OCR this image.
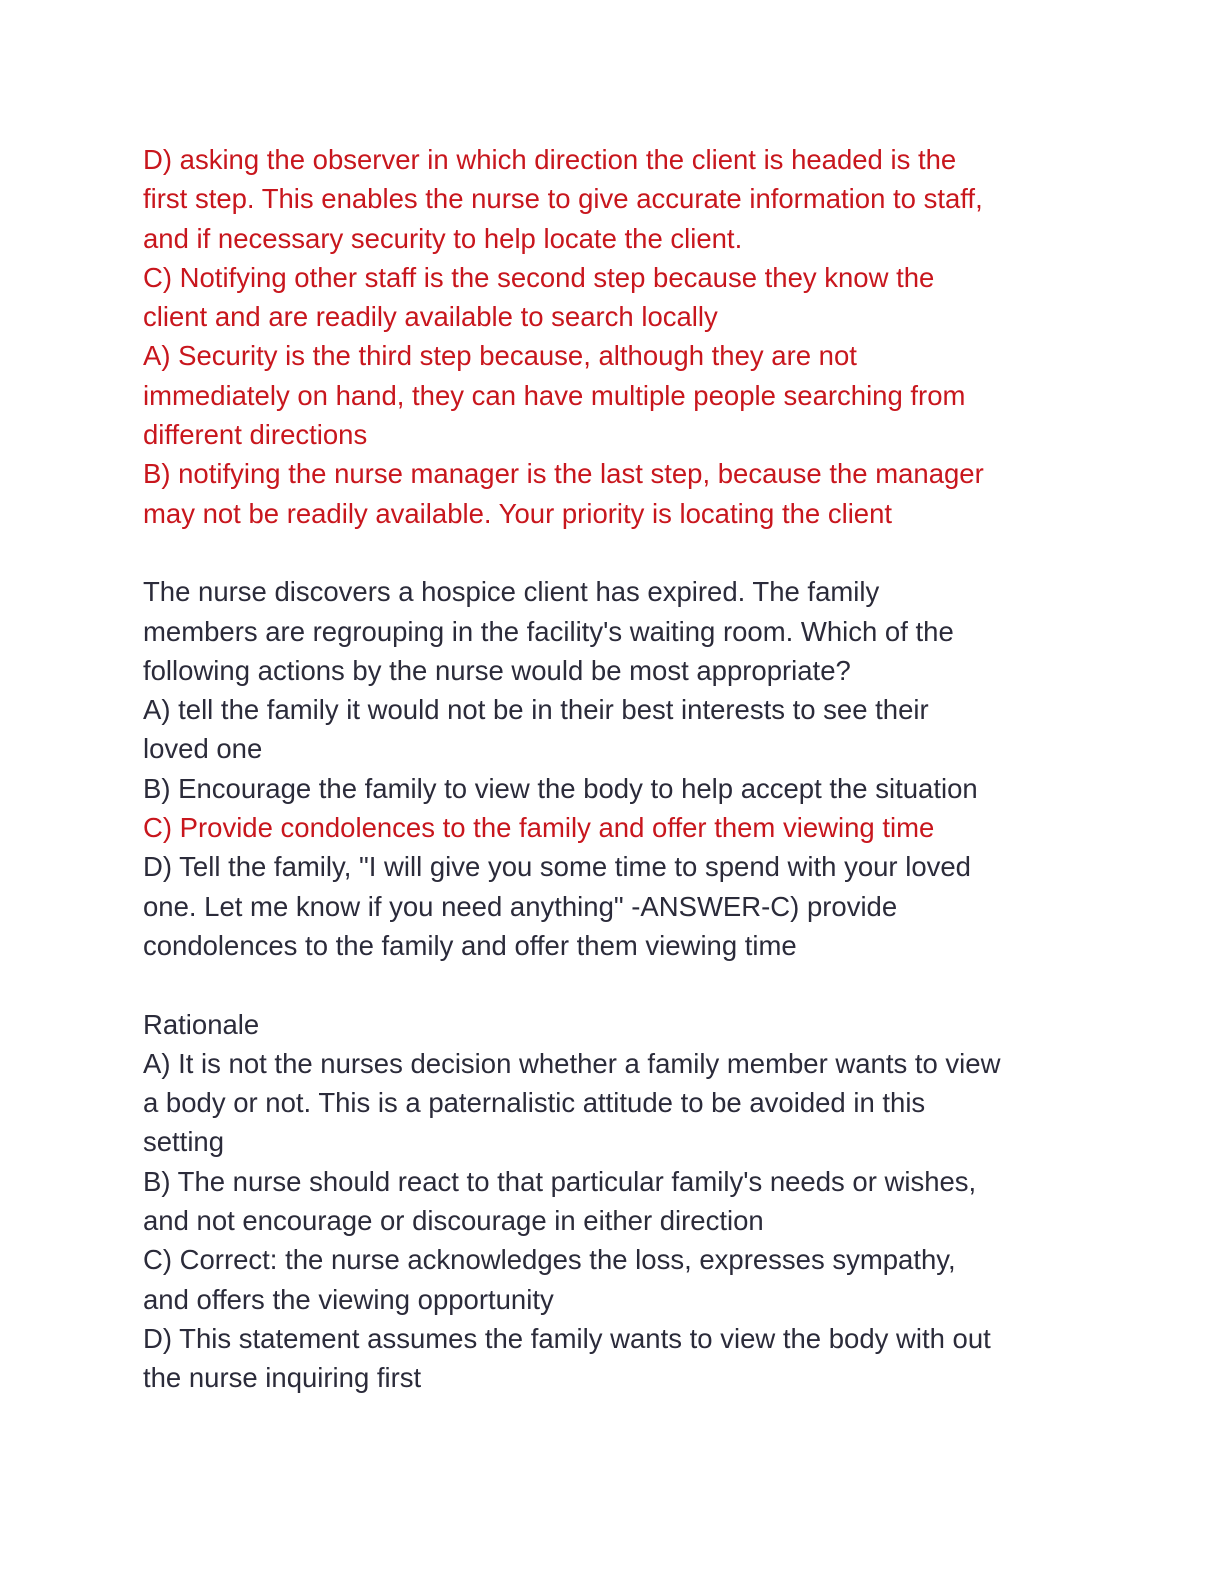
D) asking the observer in which direction the client is headed is the
first step. This enables the nurse to give accurate information to staff,
and if necessary security to help locate the client.
C) Notifying other staff is the second step because they know the
client and are readily available to search locally
A) Security is the third step because, although they are not
immediately on hand, they can have multiple people searching from
different directions
B) notifying the nurse manager is the last step, because the manager
may not be readily available. Your priority is locating the client
The nurse discovers a hospice client has expired. The family
members are regrouping in the facility's waiting room. Which of the
following actions by the nurse would be most appropriate?
A) tell the family it would not be in their best interests to see their
loved one
B) Encourage the family to view the body to help accept the situation
C) Provide condolences to the family and offer them viewing time
D) Tell the family, "I will give you some time to spend with your loved
one. Let me know if you need anything" -ANSWER-C) provide
condolences to the family and offer them viewing time
Rationale
A) It is not the nurses decision whether a family member wants to view
a body or not. This is a paternalistic attitude to be avoided in this
setting
B) The nurse should react to that particular family's needs or wishes,
and not encourage or discourage in either direction
C) Correct: the nurse acknowledges the loss, expresses sympathy,
and offers the viewing opportunity
D) This statement assumes the family wants to view the body with out
the nurse inquiring first
